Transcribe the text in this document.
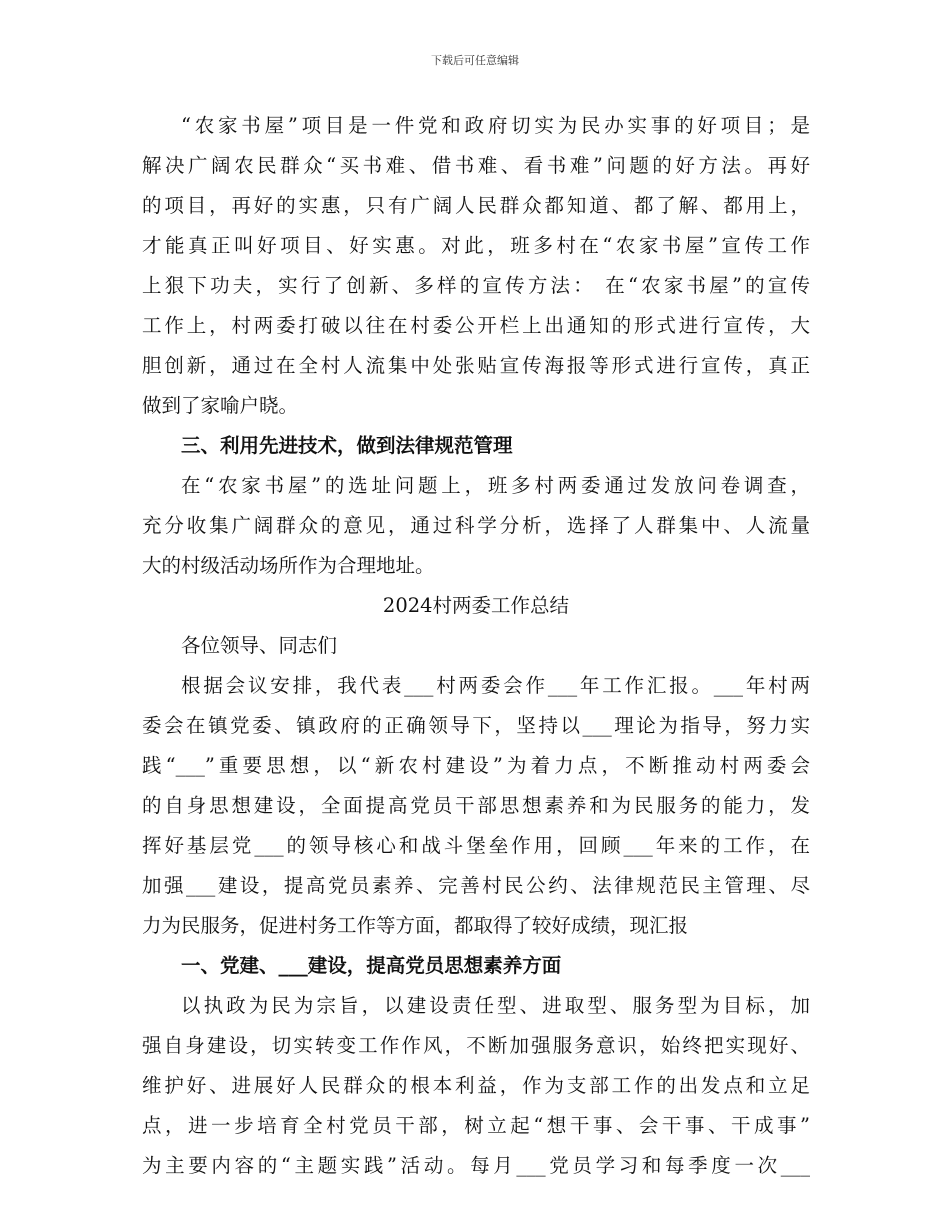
下载后可任意编辑
“农家书屋”项目是一件党和政府切实为民办实事的好项目；是
解决广阔农民群众“买书难、借书难、看书难”问题的好方法。再好
的项目，再好的实惠，只有广阔人民群众都知道、都了解、都用上，
才能真正叫好项目、好实惠。对此，班多村在“农家书屋”宣传工作
上狠下功夫，实行了创新、多样的宣传方法： 在“农家书屋”的宣传
工作上，村两委打破以往在村委公开栏上出通知的形式进行宣传，大
胆创新，通过在全村人流集中处张贴宣传海报等形式进行宣传，真正
做到了家喻户晓。
三、利用先进技术，做到法律规范管理
在“农家书屋”的选址问题上，班多村两委通过发放问卷调查，
充分收集广阔群众的意见，通过科学分析，选择了人群集中、人流量
大的村级活动场所作为合理地址。
2024村两委工作总结
各位领导、同志们
根据会议安排，我代表___村两委会作___年工作汇报。___年村两
委会在镇党委、镇政府的正确领导下，坚持以___理论为指导，努力实
践“___”重要思想，以“新农村建设”为着力点，不断推动村两委会
的自身思想建设，全面提高党员干部思想素养和为民服务的能力，发
挥好基层党___的领导核心和战斗堡垒作用，回顾___年来的工作，在
加强___建设，提高党员素养、完善村民公约、法律规范民主管理、尽
力为民服务，促进村务工作等方面，都取得了较好成绩，现汇报
一、党建、___建设，提高党员思想素养方面
以执政为民为宗旨，以建设责任型、进取型、服务型为目标，加
强自身建设，切实转变工作作风，不断加强服务意识，始终把实现好、
维护好、进展好人民群众的根本利益，作为支部工作的出发点和立足
点，进一步培育全村党员干部，树立起“想干事、会干事、干成事”
为主要内容的“主题实践”活动。每月___党员学习和每季度一次___
